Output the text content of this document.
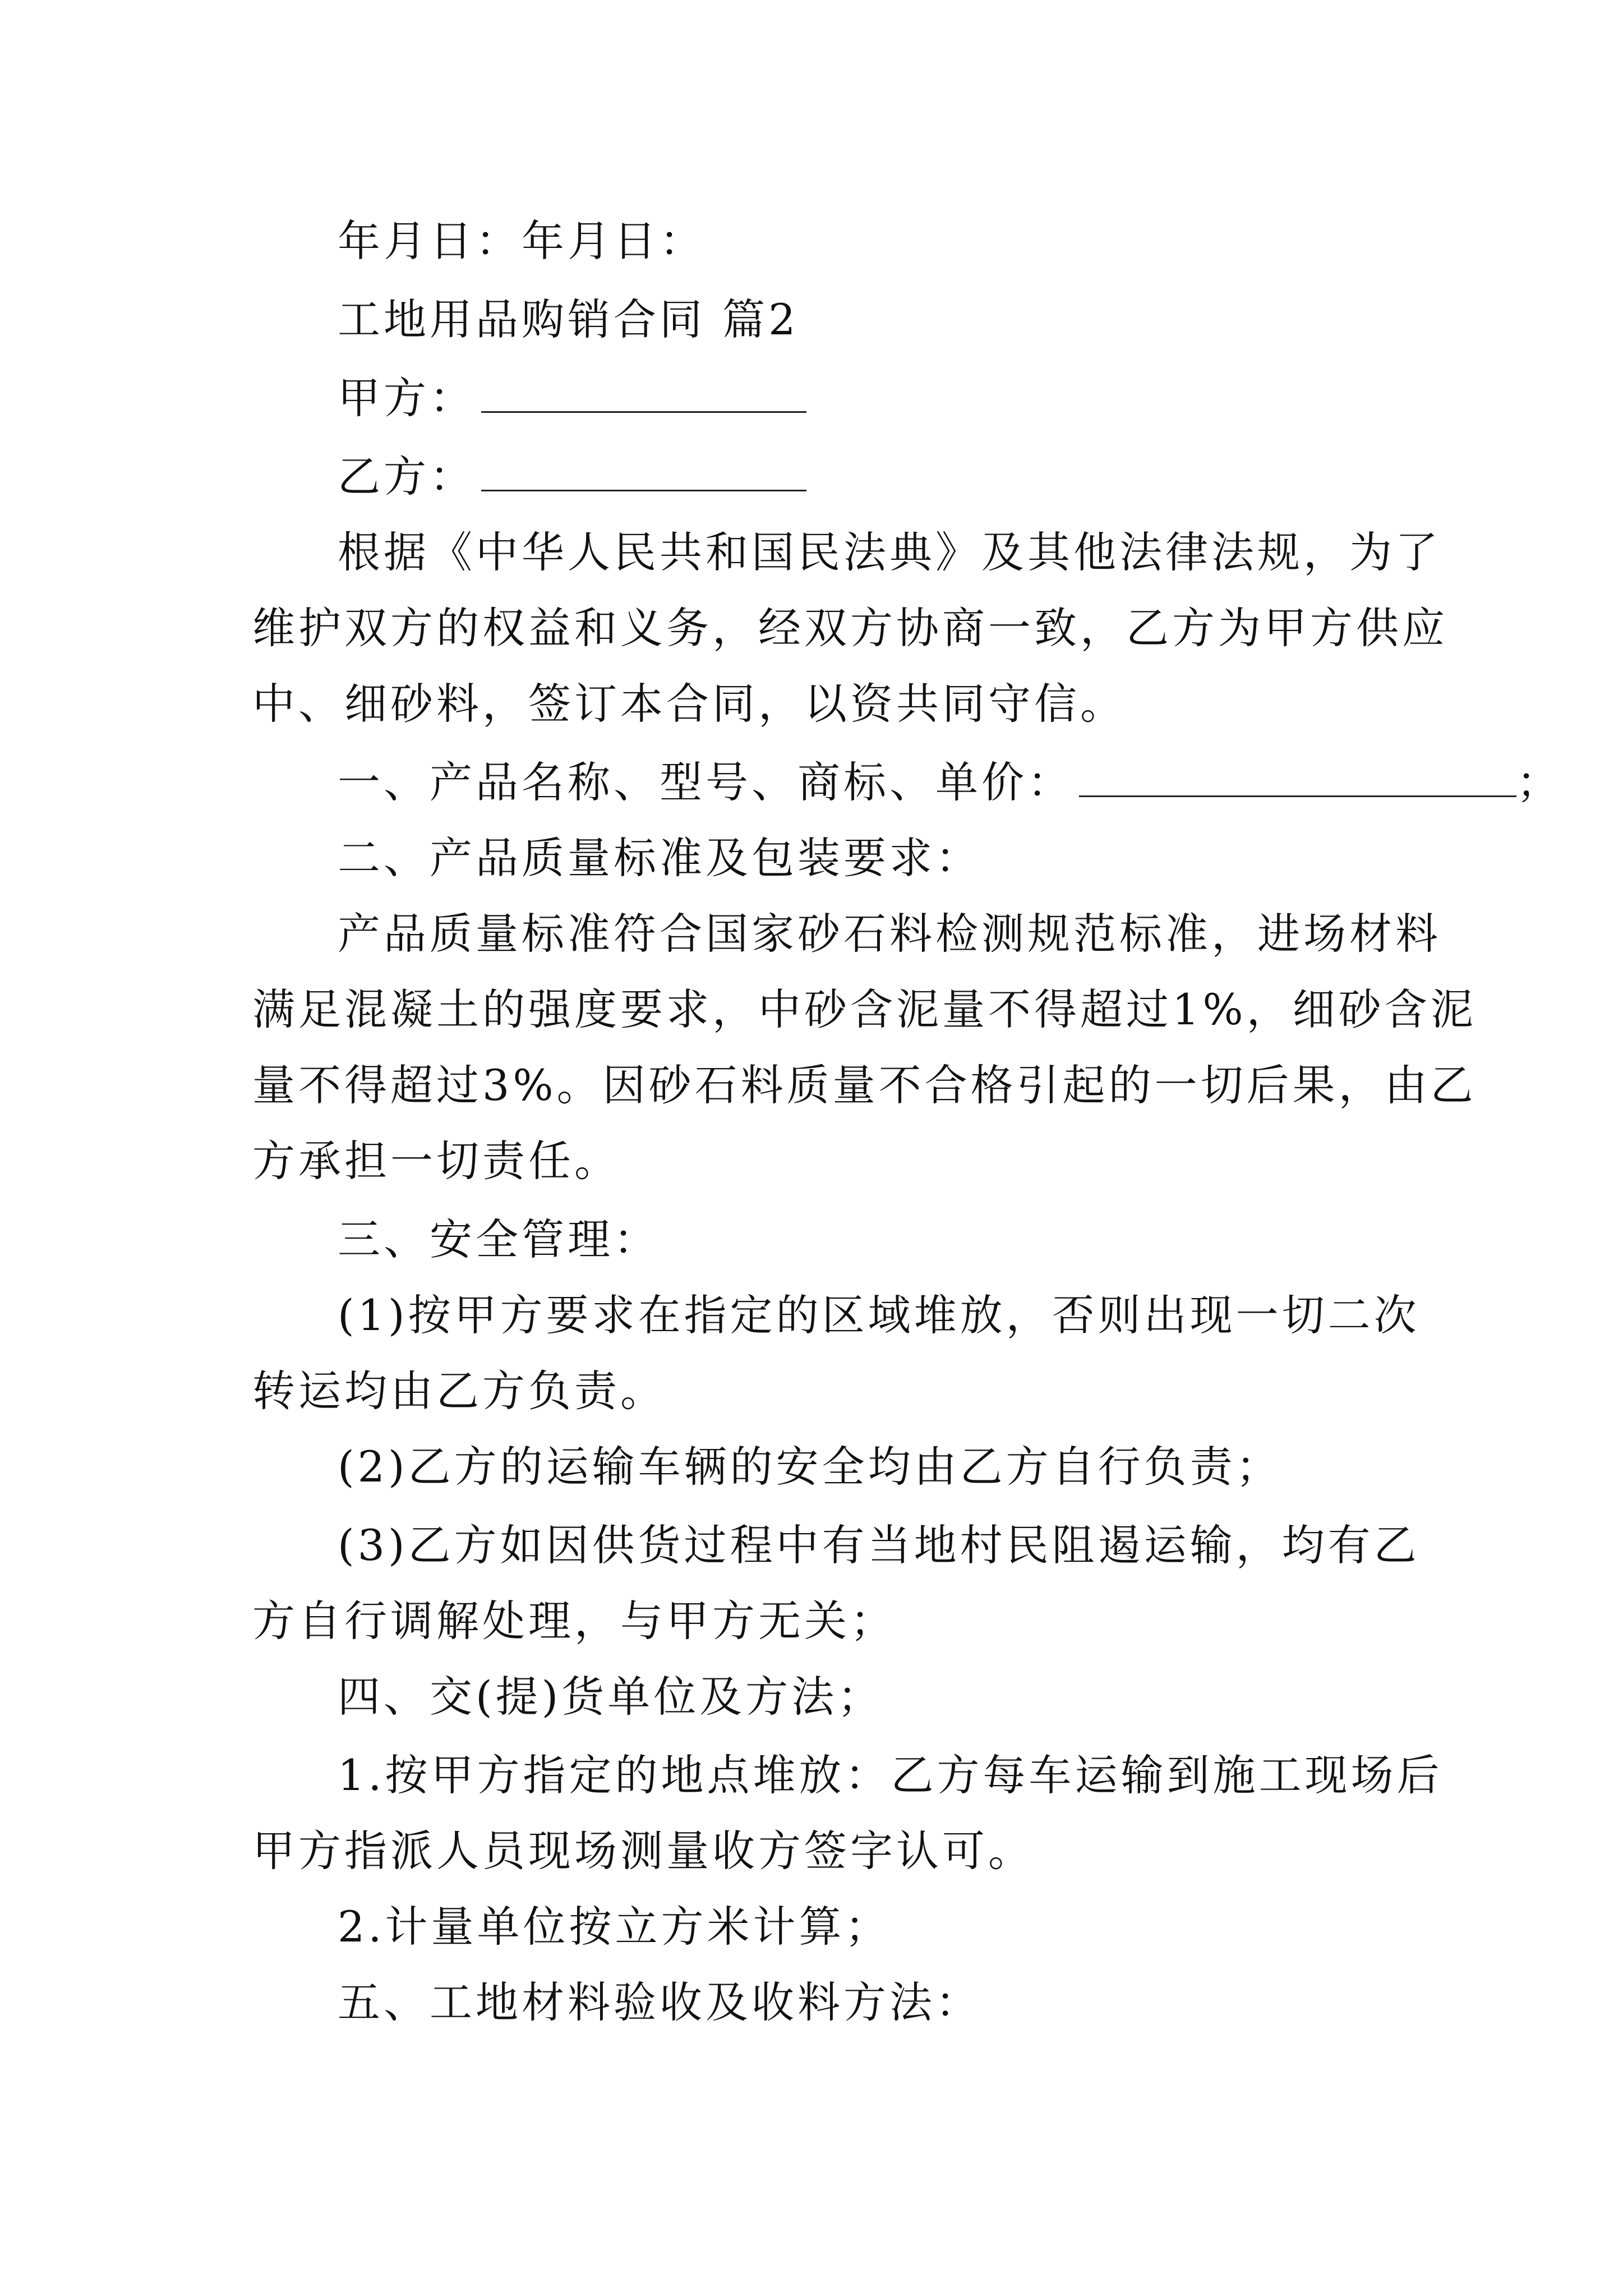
年月日：年月日：
工地用品购销合同 篇2
甲方：
乙方：
根据《中华人民共和国民法典》及其他法律法规，为了
维护双方的权益和义务，经双方协商一致，乙方为甲方供应
中、细砂料，签订本合同，以资共同守信。
一、产品名称、型号、商标、单价：	；
二、产品质量标准及包装要求：
产品质量标准符合国家砂石料检测规范标准，进场材料
满足混凝土的强度要求，中砂含泥量不得超过1%，细砂含泥
量不得超过3%。因砂石料质量不合格引起的一切后果，由乙
方承担一切责任。
三、安全管理：
(1)按甲方要求在指定的区域堆放，否则出现一切二次
转运均由乙方负责。
(2)乙方的运输车辆的安全均由乙方自行负责；
(3)乙方如因供货过程中有当地村民阻遏运输，均有乙
方自行调解处理，与甲方无关；
四、交(提)货单位及方法；
1.按甲方指定的地点堆放：乙方每车运输到施工现场后
甲方指派人员现场测量收方签字认可。
2.计量单位按立方米计算；
五、工地材料验收及收料方法：
